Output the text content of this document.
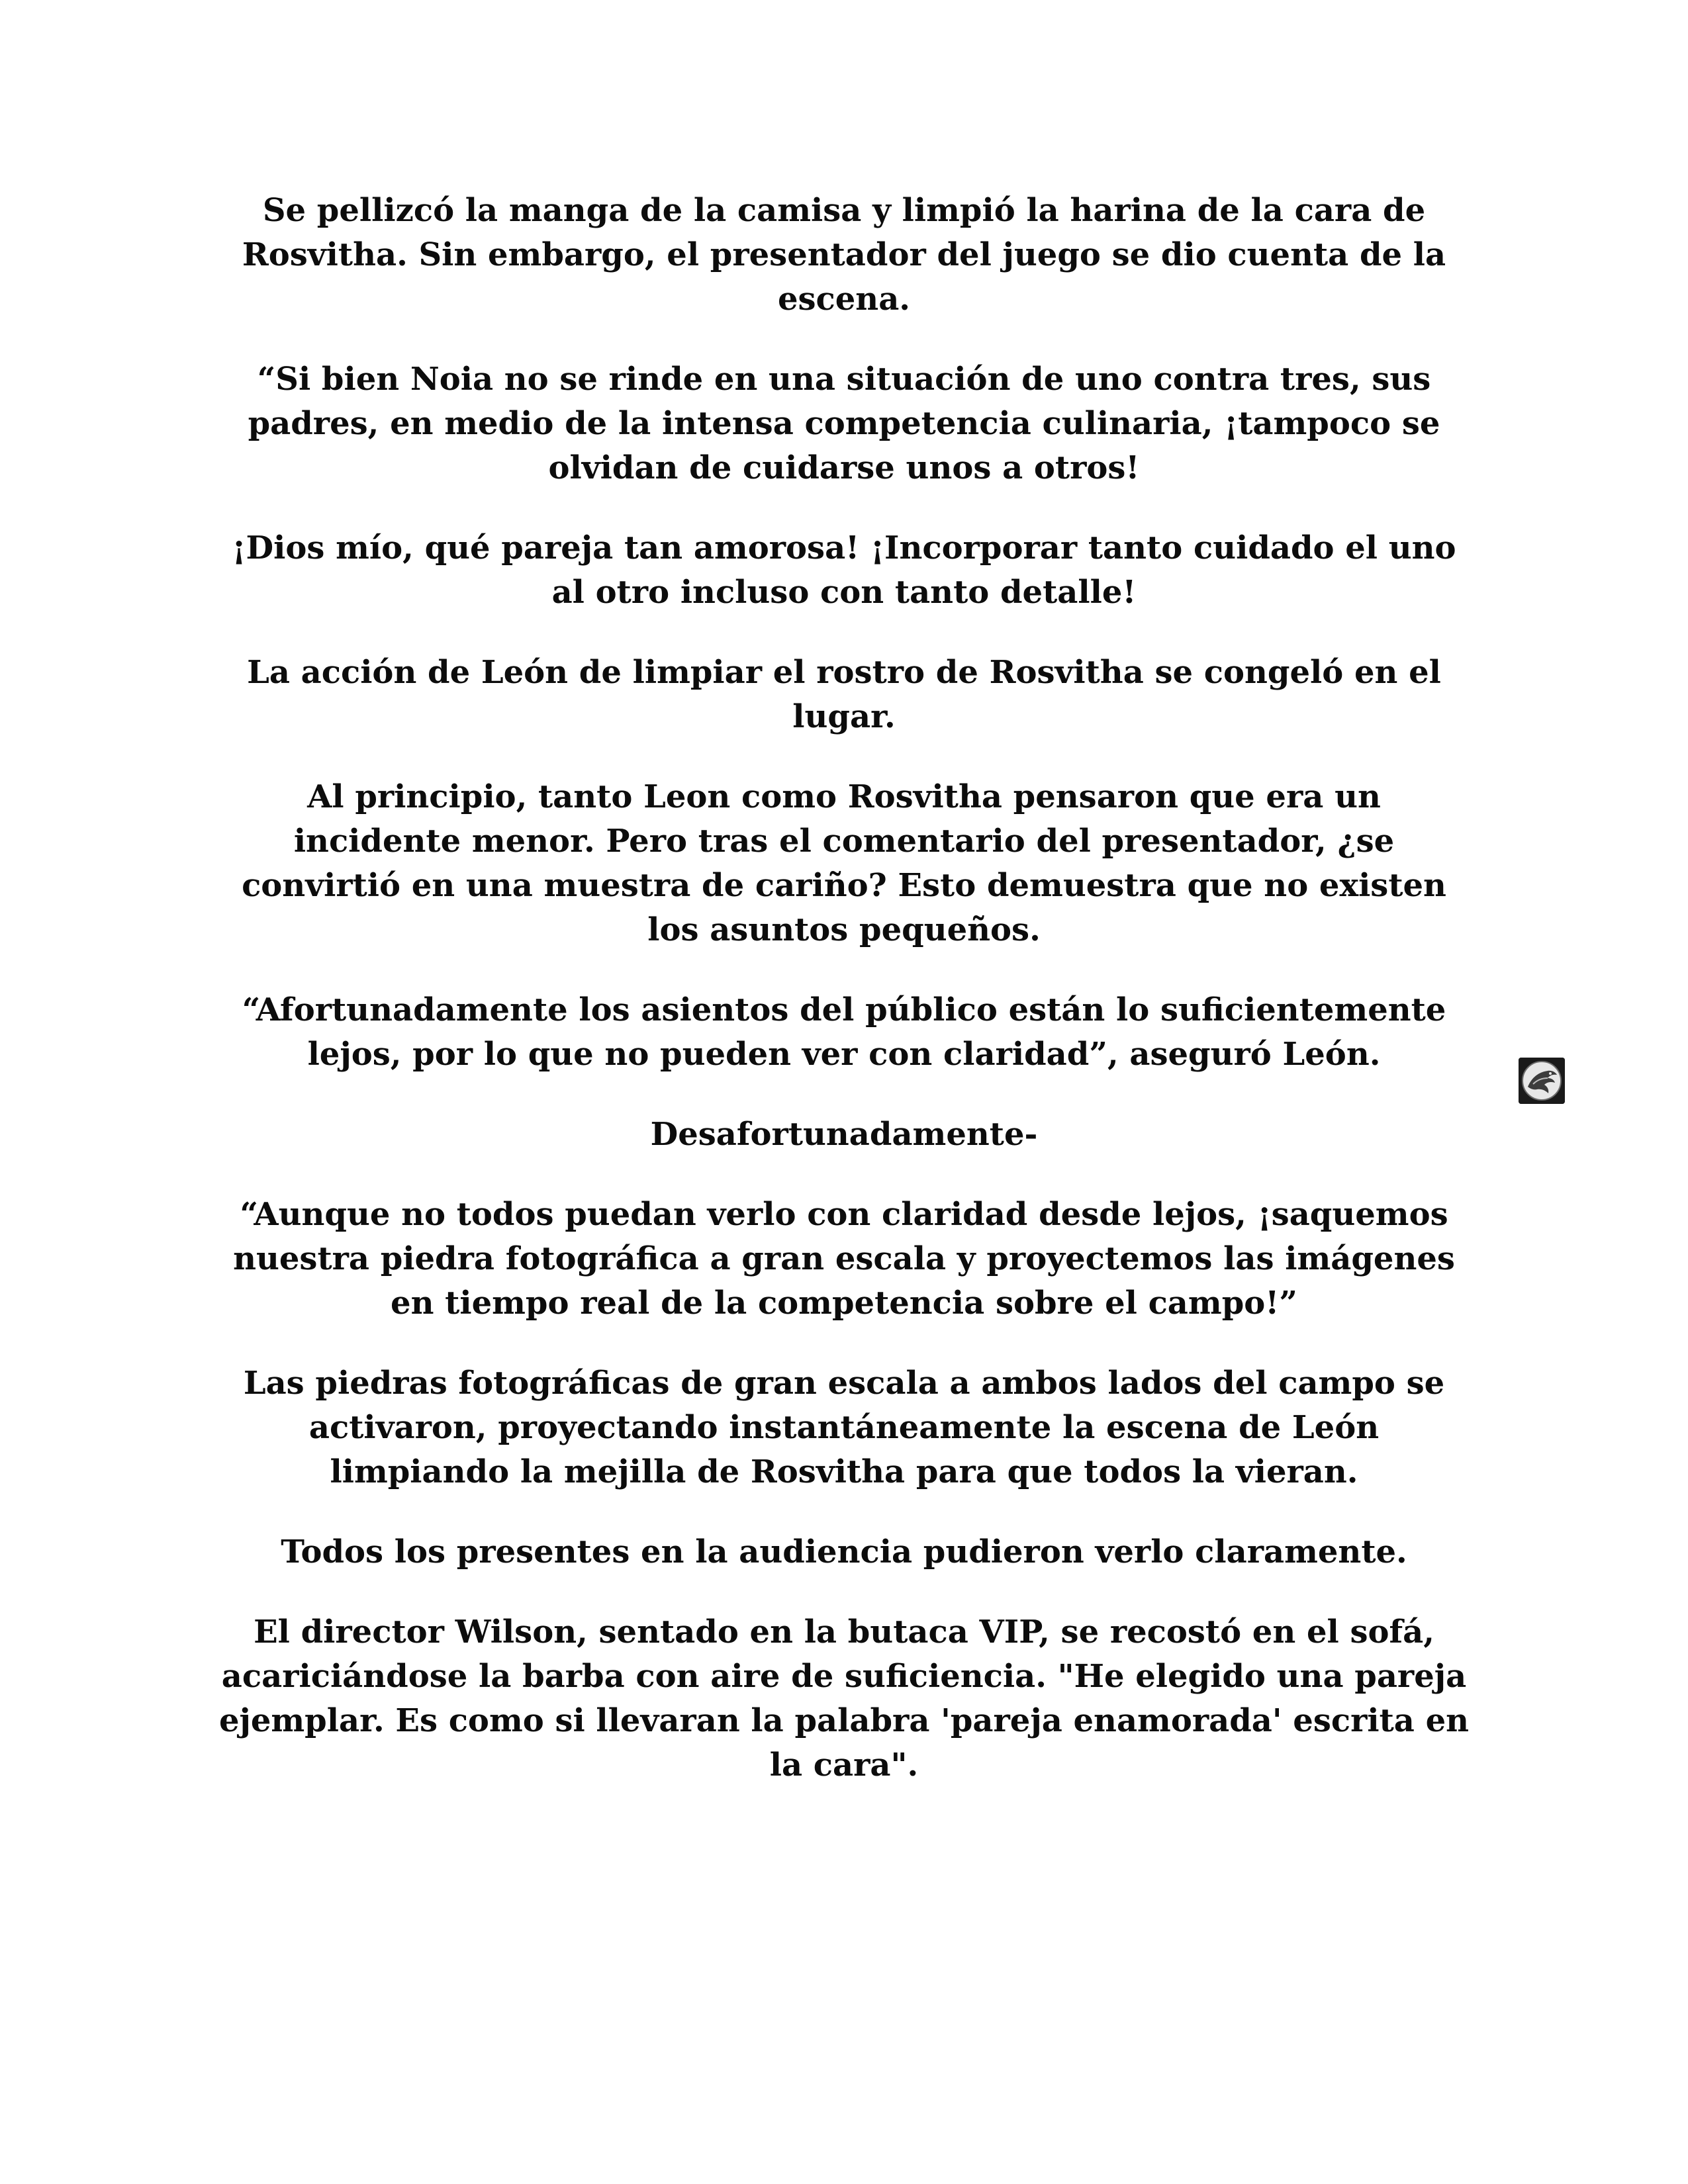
Se pellizcó la manga de la camisa y limpió la harina de la cara de Rosvitha. Sin embargo, el presentador del juego se dio cuenta de la escena.

“Si bien Noia no se rinde en una situación de uno contra tres, sus padres, en medio de la intensa competencia culinaria, ¡tampoco se olvidan de cuidarse unos a otros!

¡Dios mío, qué pareja tan amorosa! ¡Incorporar tanto cuidado el uno al otro incluso con tanto detalle!

La acción de León de limpiar el rostro de Rosvitha se congeló en el lugar.

Al principio, tanto Leon como Rosvitha pensaron que era un incidente menor. Pero tras el comentario del presentador, ¿se convirtió en una muestra de cariño? Esto demuestra que no existen los asuntos pequeños.

“Afortunadamente los asientos del público están lo suficientemente lejos, por lo que no pueden ver con claridad”, aseguró León.

Desafortunadamente-

“Aunque no todos puedan verlo con claridad desde lejos, ¡saquemos nuestra piedra fotográfica a gran escala y proyectemos las imágenes en tiempo real de la competencia sobre el campo!”

Las piedras fotográficas de gran escala a ambos lados del campo se activaron, proyectando instantáneamente la escena de León limpiando la mejilla de Rosvitha para que todos la vieran.

Todos los presentes en la audiencia pudieron verlo claramente.

El director Wilson, sentado en la butaca VIP, se recostó en el sofá, acariciándose la barba con aire de suficiencia. "He elegido una pareja ejemplar. Es como si llevaran la palabra 'pareja enamorada' escrita en la cara".
